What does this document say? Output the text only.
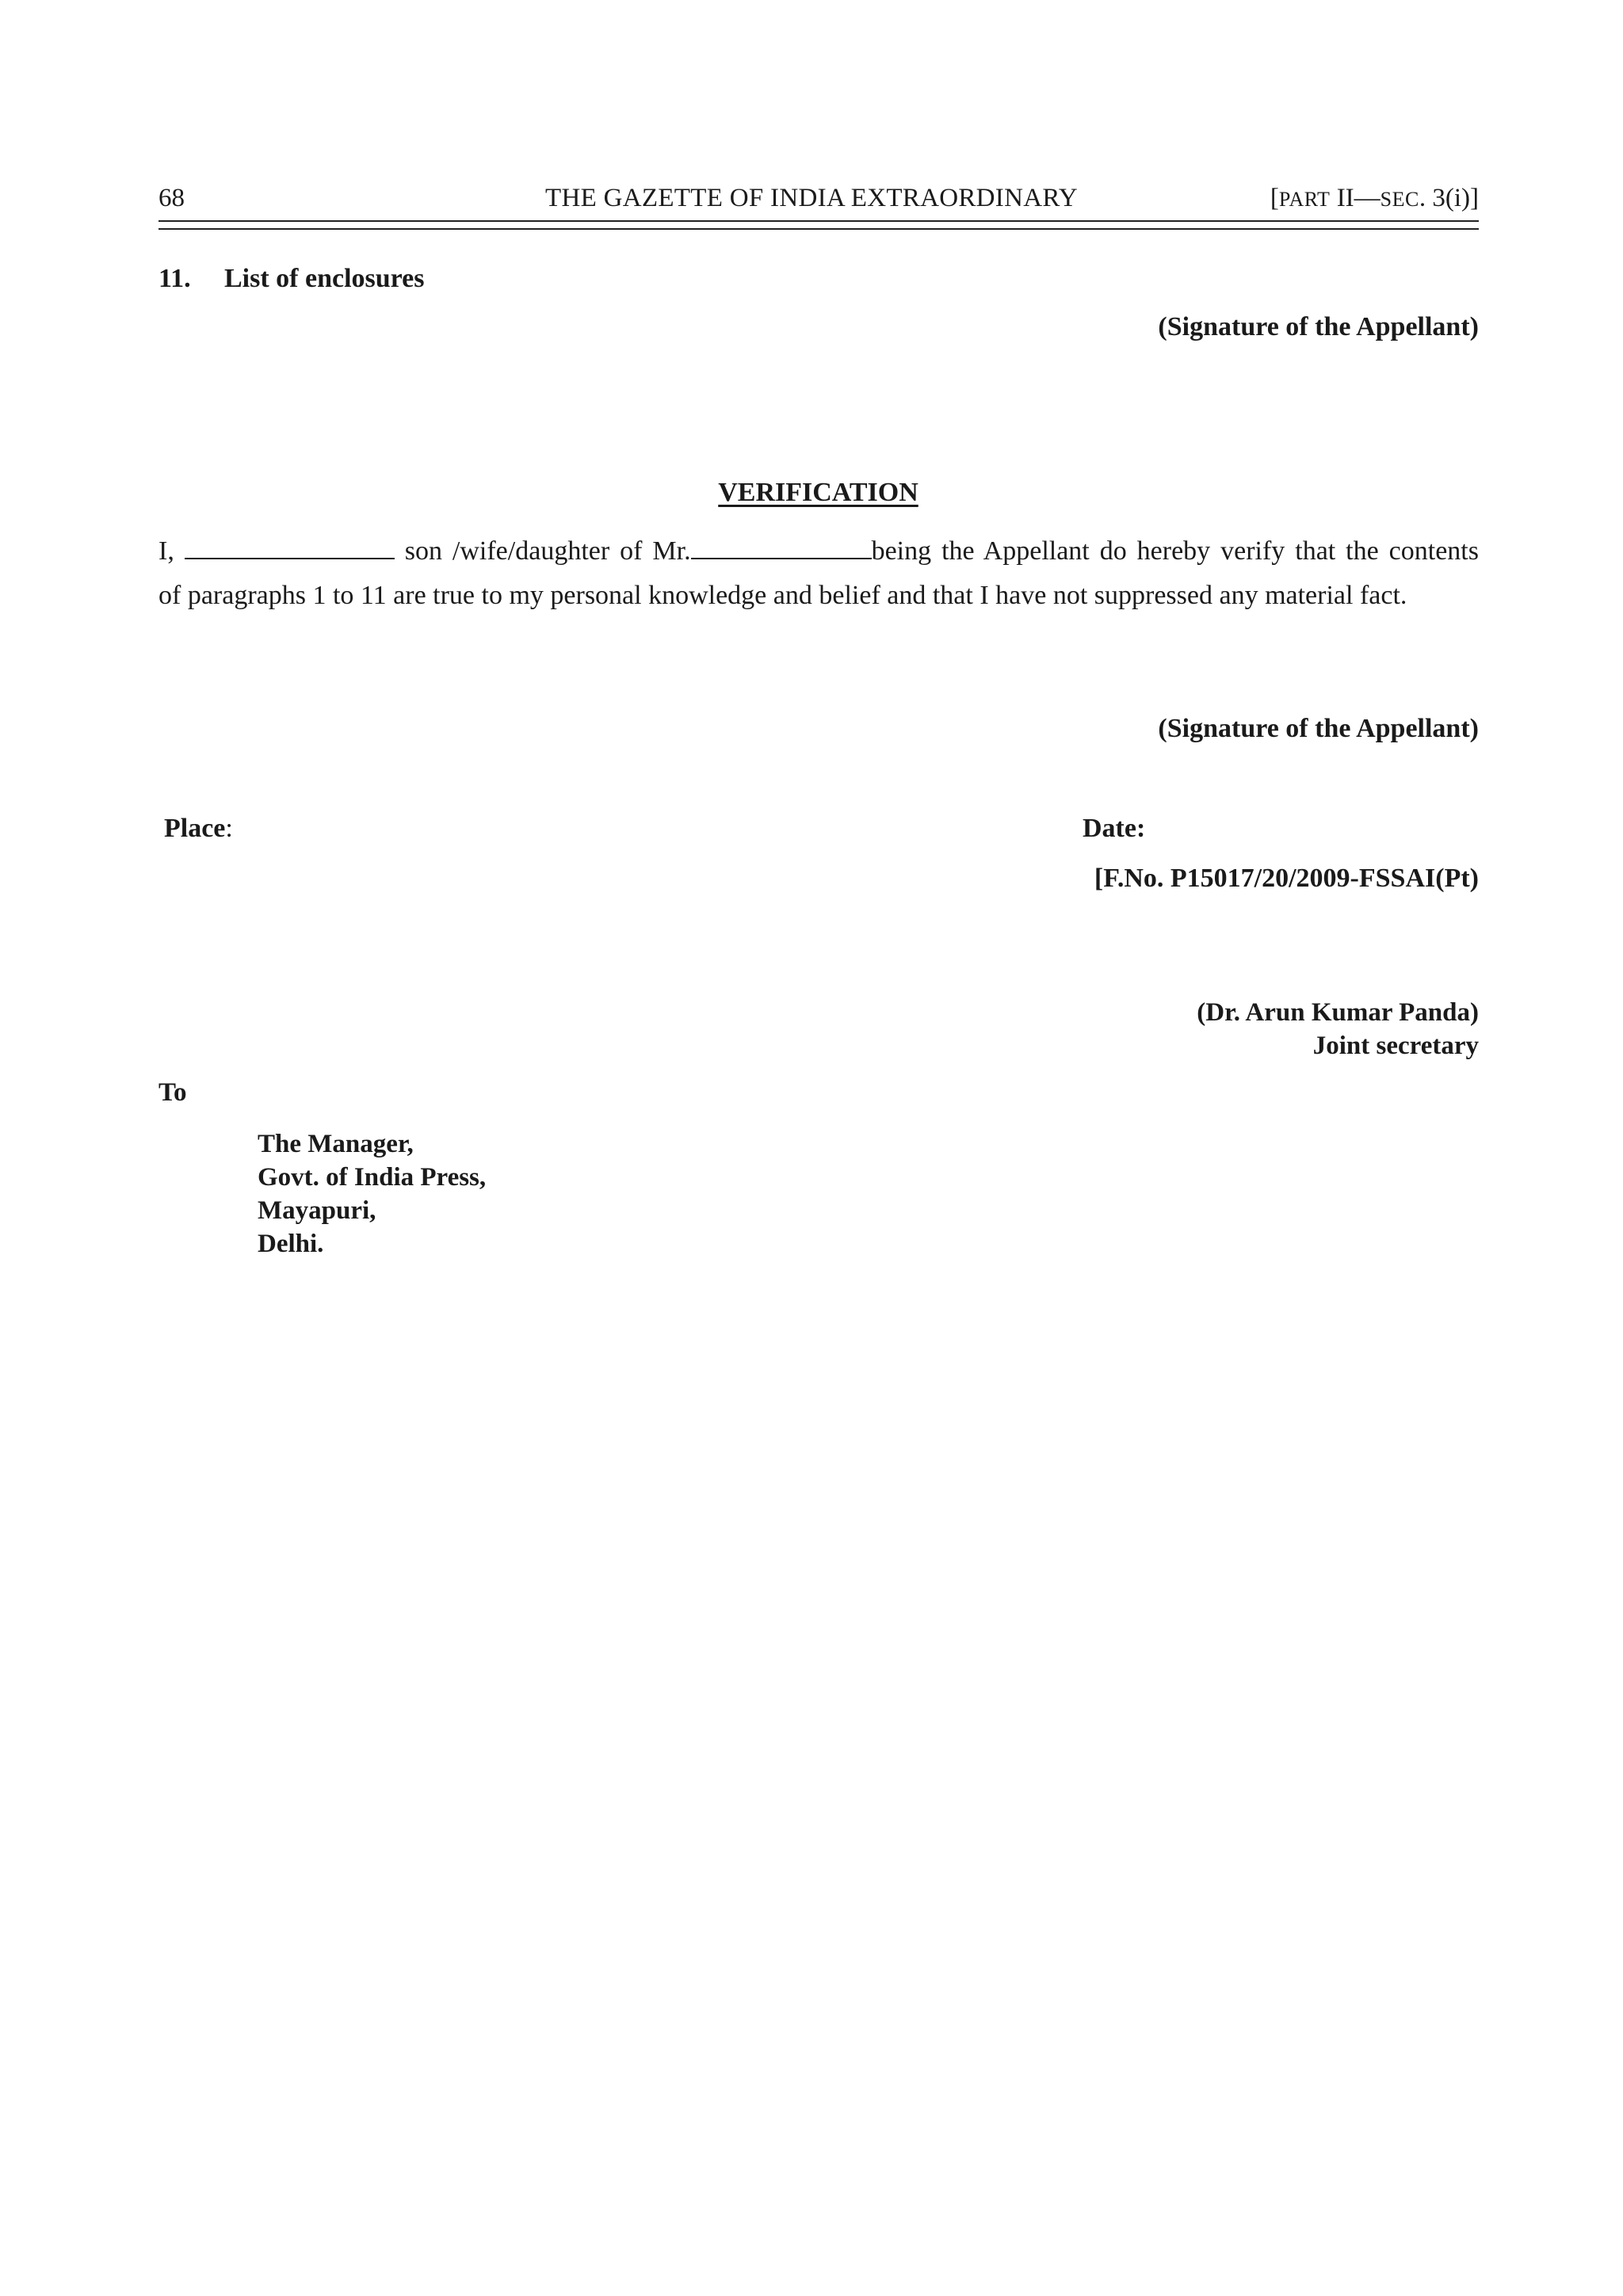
68	THE GAZETTE OF INDIA EXTRAORDINARY	[PART II—SEC. 3(i)]
11. List of enclosures
(Signature of the Appellant)
VERIFICATION
I,	son /wife/daughter of Mr.	being the Appellant do hereby verify that the contents
of paragraphs 1 to 11 are true to my personal knowledge and belief and that I have not suppressed any material fact.
(Signature of the Appellant)
Place:	Date:
[F.No. P15017/20/2009-FSSAI(Pt)
(Dr. Arun Kumar Panda)
Joint secretary
To
The Manager,
Govt. of India Press,
Mayapuri,
Delhi.
